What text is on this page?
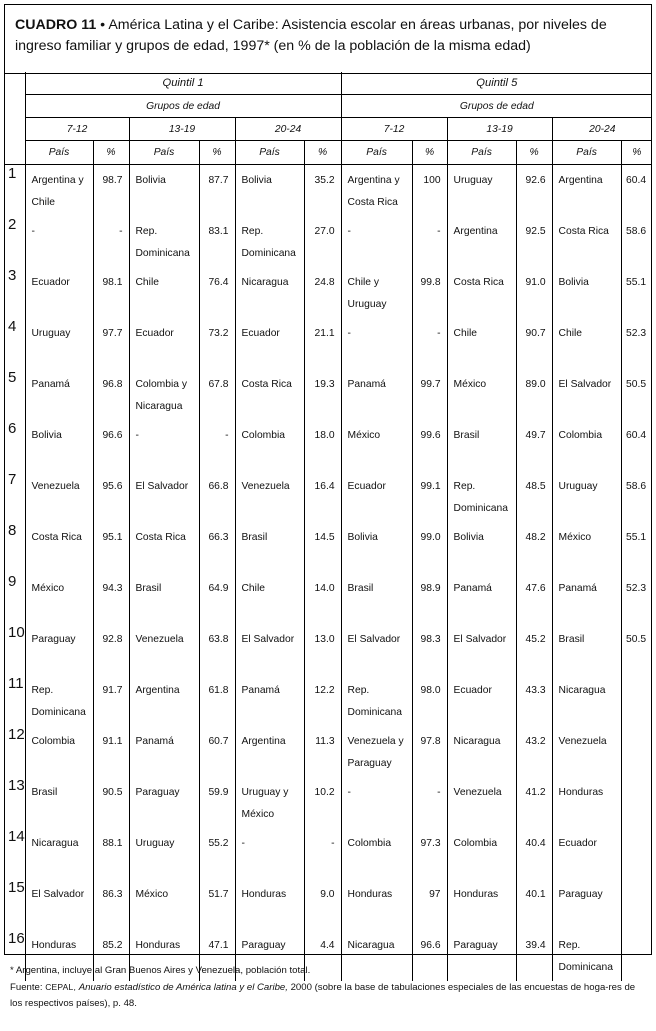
CUADRO 11 • América Latina y el Caribe: Asistencia escolar en áreas urbanas, por niveles de ingreso familiar y grupos de edad, 1997* (en % de la población de la misma edad)
	Quintil 1						Quintil 5					
	Grupos de edad						Grupos de edad					
	7-12		13-19		20-24		7-12		13-19		20-24	
	País	%	País	%	País	%	País	%	País	%	País	%
1	Argentina y Chile	98.7	Bolivia	87.7	Bolivia	35.2	Argentina y Costa Rica	100	Uruguay	92.6	Argentina	60.4
2	-	-	Rep. Dominicana	83.1	Rep. Dominicana	27.0	-	-	Argentina	92.5	Costa Rica	58.6
3	Ecuador	98.1	Chile	76.4	Nicaragua	24.8	Chile y Uruguay	99.8	Costa Rica	91.0	Bolivia	55.1
4	Uruguay	97.7	Ecuador	73.2	Ecuador	21.1	-	-	Chile	90.7	Chile	52.3
5	Panamá	96.8	Colombia y Nicaragua	67.8	Costa Rica	19.3	Panamá	99.7	México	89.0	El Salvador	50.5
6	Bolivia	96.6	-	-	Colombia	18.0	México	99.6	Brasil	49.7	Colombia	60.4
7	Venezuela	95.6	El Salvador	66.8	Venezuela	16.4	Ecuador	99.1	Rep. Dominicana	48.5	Uruguay	58.6
8	Costa Rica	95.1	Costa Rica	66.3	Brasil	14.5	Bolivia	99.0	Bolivia	48.2	México	55.1
9	México	94.3	Brasil	64.9	Chile	14.0	Brasil	98.9	Panamá	47.6	Panamá	52.3
10	Paraguay	92.8	Venezuela	63.8	El Salvador	13.0	El Salvador	98.3	El Salvador	45.2	Brasil	50.5
11	Rep. Dominicana	91.7	Argentina	61.8	Panamá	12.2	Rep. Dominicana	98.0	Ecuador	43.3	Nicaragua	
12	Colombia	91.1	Panamá	60.7	Argentina	11.3	Venezuela y Paraguay	97.8	Nicaragua	43.2	Venezuela	
13	Brasil	90.5	Paraguay	59.9	Uruguay y México	10.2	-	-	Venezuela	41.2	Honduras	
14	Nicaragua	88.1	Uruguay	55.2	-	-	Colombia	97.3	Colombia	40.4	Ecuador	
15	El Salvador	86.3	México	51.7	Honduras	9.0	Honduras	97	Honduras	40.1	Paraguay	
16	Honduras	85.2	Honduras	47.1	Paraguay	4.4	Nicaragua	96.6	Paraguay	39.4	Rep. Dominicana	
* Argentina, incluye al Gran Buenos Aires y Venezuela, población total.
Fuente: CEPAL, Anuario estadístico de América latina y el Caribe, 2000 (sobre la base de tabulaciones especiales de las encuestas de hoga-res de los respectivos países), p. 48.
